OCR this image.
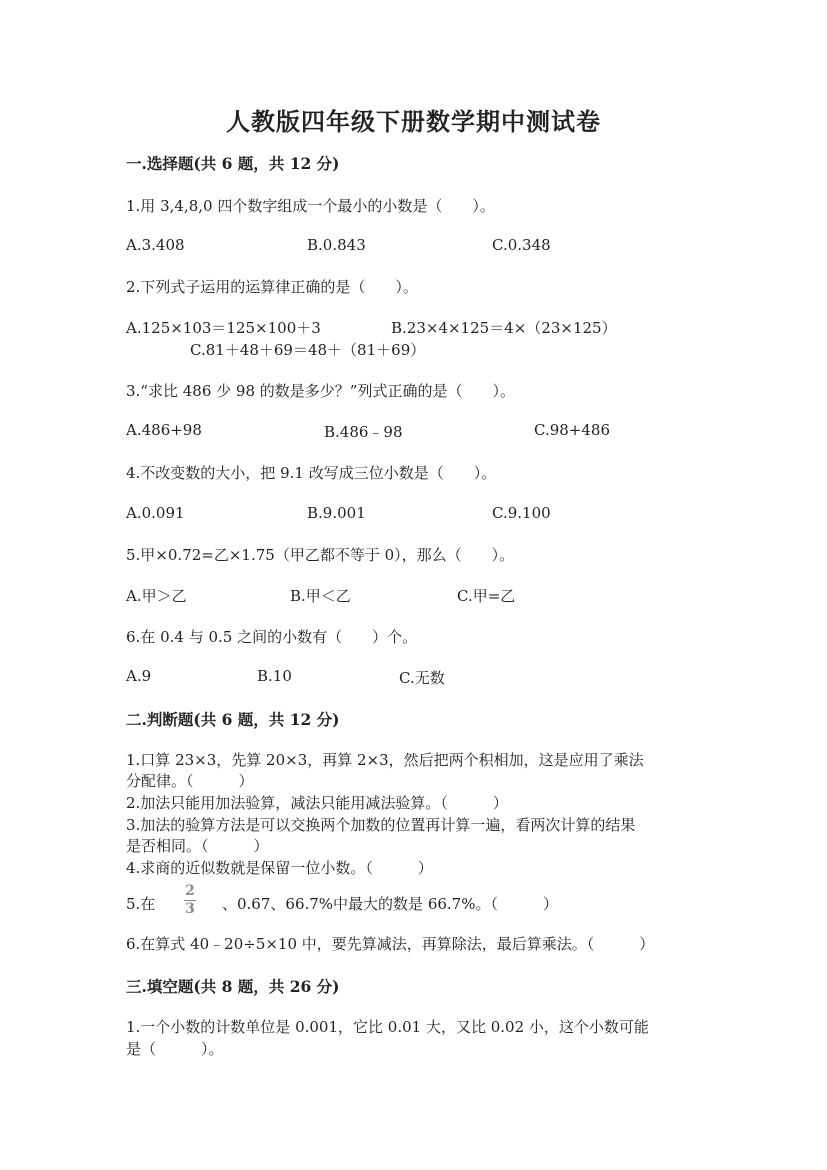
人教版四年级下册数学期中测试卷
一.选择题(共 6 题，共 12 分)
1.用 3,4,8,0 四个数字组成一个最小的小数是（　　）。
A.3.408	B.0.843	C.0.348
2.下列式子运用的运算律正确的是（　　）。
A.125×103＝125×100＋3	B.23×4×125＝4×（23×125）
C.81＋48＋69＝48＋（81＋69）
3.“求比 486 少 98 的数是多少？”列式正确的是（　　）。
A.486+98	B.486﹣98	C.98+486
4.不改变数的大小，把 9.1 改写成三位小数是（　　）。
A.0.091	B.9.001	C.9.100
5.甲×0.72=乙×1.75（甲乙都不等于 0），那么（　　）。
A.甲＞乙	B.甲＜乙	C.甲=乙
6.在 0.4 与 0.5 之间的小数有（　　）个。
A.9	B.10	C.无数
二.判断题(共 6 题，共 12 分)
1.口算 23×3，先算 20×3，再算 2×3，然后把两个积相加，这是应用了乘法
分配律。（　　　）
2.加法只能用加法验算，减法只能用减法验算。（　　　）
3.加法的验算方法是可以交换两个加数的位置再计算一遍，看两次计算的结果
是否相同。（　　　）
4.求商的近似数就是保留一位小数。（　　　）
5.在
2
3 、0.67、66.7%中最大的数是 66.7%。（　　　）
6.在算式 40﹣20÷5×10 中，要先算减法，再算除法，最后算乘法。（　　　）
三.填空题(共 8 题，共 26 分)
1.一个小数的计数单位是 0.001，它比 0.01 大，又比 0.02 小，这个小数可能
是（　　　）。
